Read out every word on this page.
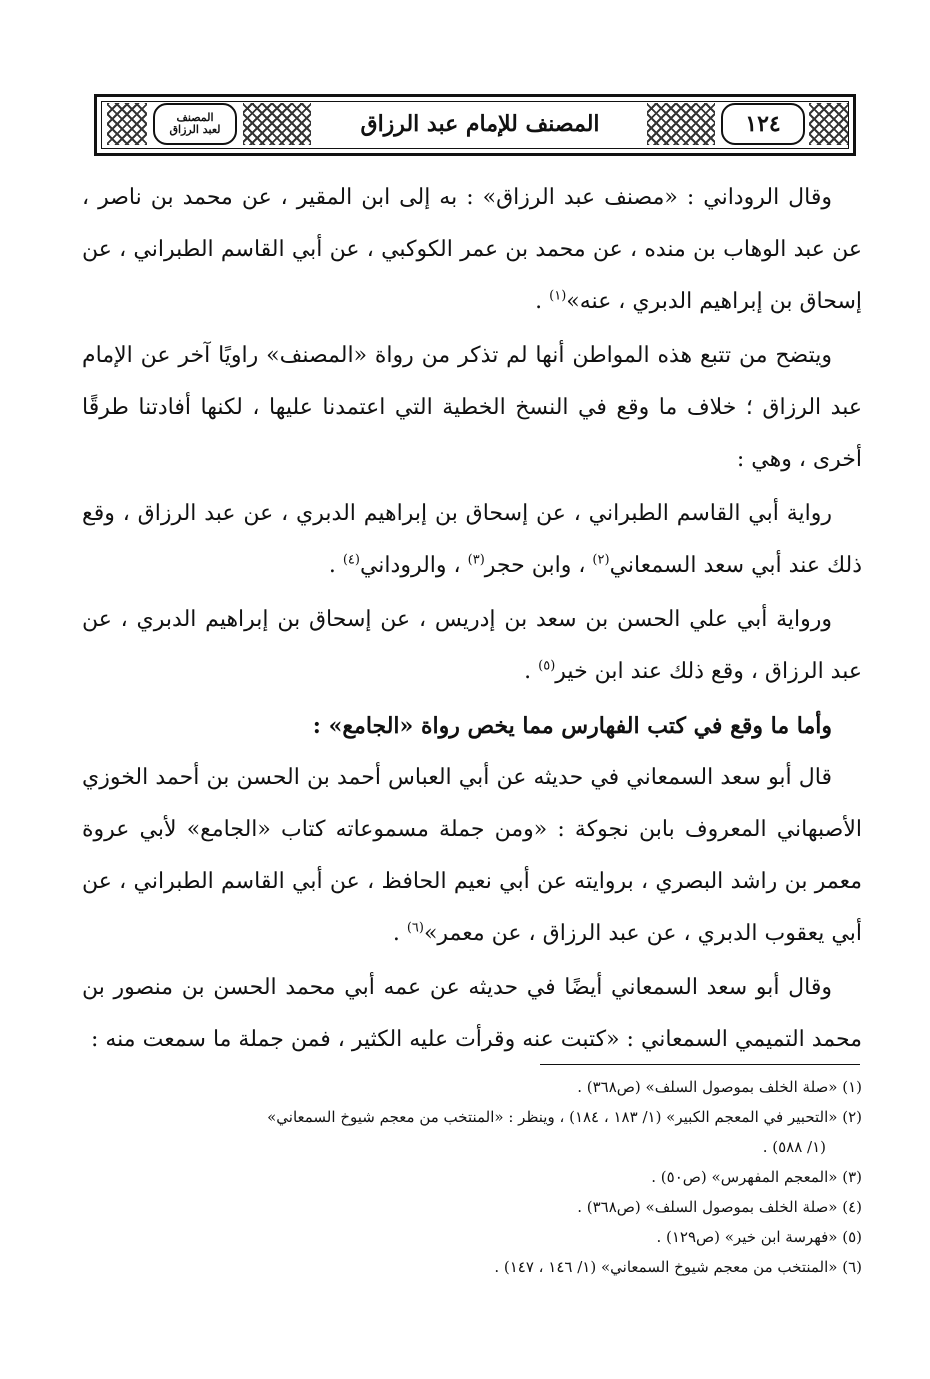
المصنف
لعبد الرزاق	المصنف للإمام عبد الرزاق	١٢٤

وقال الروداني : «مصنف عبد الرزاق» : به إلى ابن المقير ، عن محمد بن ناصر ، عن عبد الوهاب بن منده ، عن محمد بن عمر الكوكبي ، عن أبي القاسم الطبراني ، عن إسحاق بن إبراهيم الدبري ، عنه»$^{(١)}$ .

ويتضح من تتبع هذه المواطن أنها لم تذكر من رواة «المصنف» راويًا آخر عن الإمام عبد الرزاق ؛ خلاف ما وقع في النسخ الخطية التي اعتمدنا عليها ، لكنها أفادتنا طرقًا أخرى ، وهي :

رواية أبي القاسم الطبراني ، عن إسحاق بن إبراهيم الدبري ، عن عبد الرزاق ، وقع ذلك عند أبي سعد السمعاني$^{(٢)}$ ، وابن حجر$^{(٣)}$ ، والروداني$^{(٤)}$ .

ورواية أبي علي الحسن بن سعد بن إدريس ، عن إسحاق بن إبراهيم الدبري ، عن عبد الرزاق ، وقع ذلك عند ابن خير$^{(٥)}$ .

وأما ما وقع في كتب الفهارس مما يخص رواة «الجامع» :

قال أبو سعد السمعاني في حديثه عن أبي العباس أحمد بن الحسن بن أحمد الخوزي الأصبهاني المعروف بابن نجوكة : «ومن جملة مسموعاته كتاب «الجامع» لأبي عروة معمر بن راشد البصري ، بروايته عن أبي نعيم الحافظ ، عن أبي القاسم الطبراني ، عن أبي يعقوب الدبري ، عن عبد الرزاق ، عن معمر»$^{(٦)}$ .

وقال أبو سعد السمعاني أيضًا في حديثه عن عمه أبي محمد الحسن بن منصور بن محمد التميمي السمعاني : «كتبت عنه وقرأت عليه الكثير ، فمن جملة ما سمعت منه :

(١) «صلة الخلف بموصول السلف» (ص٣٦٨) .

(٢) «التحبير في المعجم الكبير» (١/ ١٨٣ ، ١٨٤) ، وينظر : «المنتخب من معجم شيوخ السمعاني»

(١/ ٥٨٨) .

(٣) «المعجم المفهرس» (ص٥٠) .

(٤) «صلة الخلف بموصول السلف» (ص٣٦٨) .

(٥) «فهرسة ابن خير» (ص١٢٩) .

(٦) «المنتخب من معجم شيوخ السمعاني» (١/ ١٤٦ ، ١٤٧) .
